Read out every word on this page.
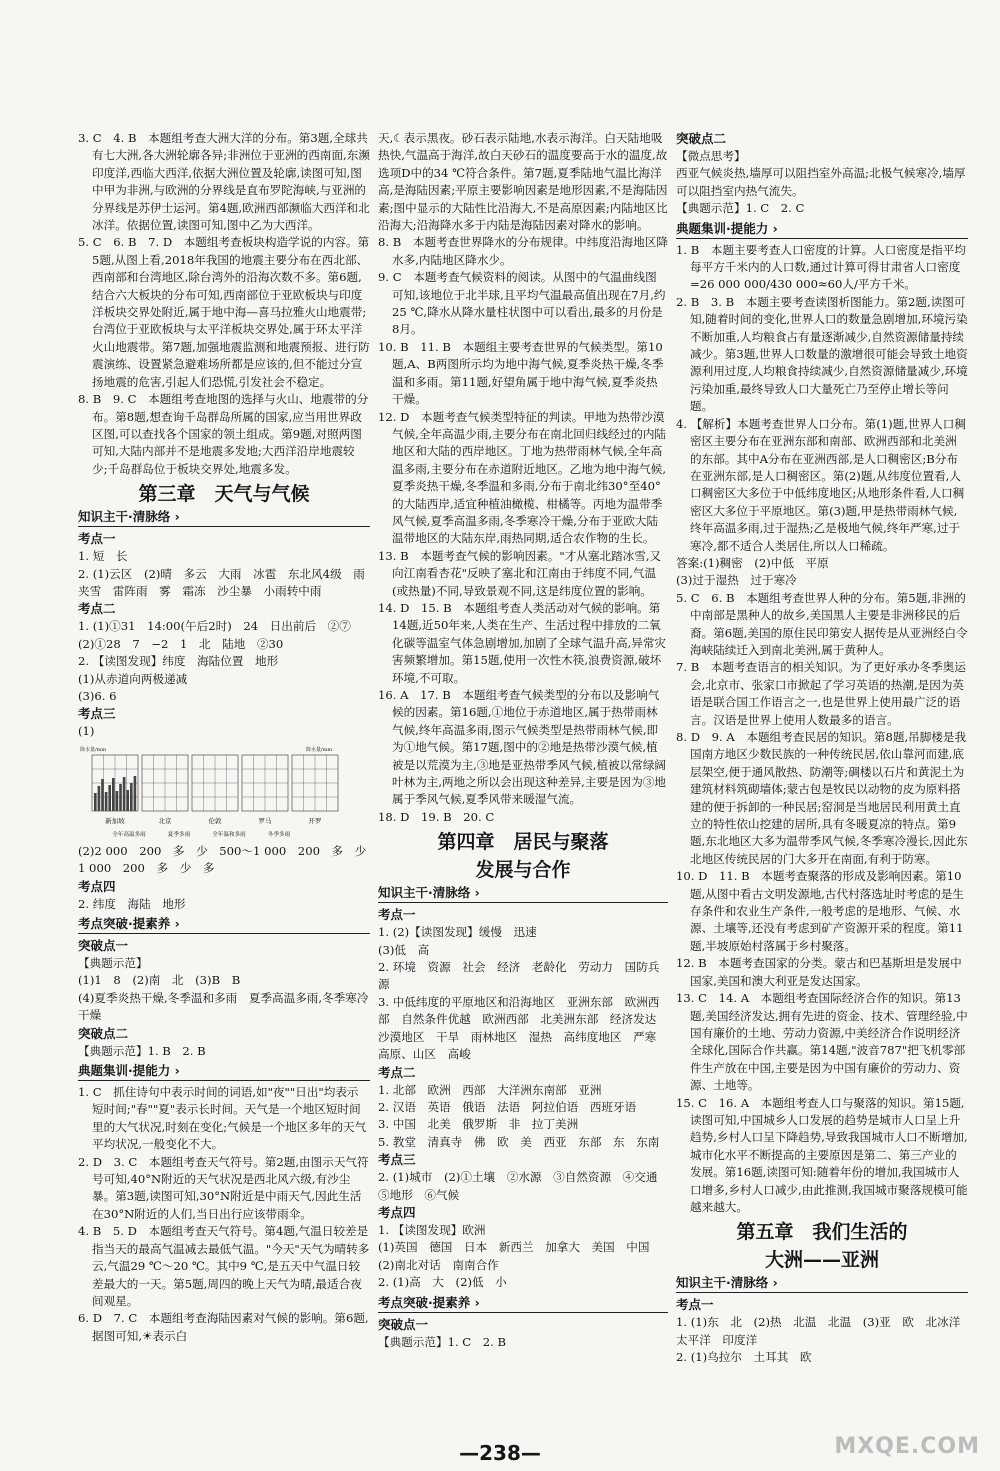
3. C　4. B　本题组考查大洲大洋的分布。第3题,全球共有七大洲,各大洲轮廓各异;非洲位于亚洲的西南面,东濒印度洋,西临大西洋,依据大洲位置及轮廓,读图可知,图中甲为非洲,与欧洲的分界线是直布罗陀海峡,与亚洲的分界线是苏伊士运河。第4题,欧洲西部濒临大西洋和北冰洋。依据位置,读图可知,图中乙为大西洋。

5. C　6. B　7. D　本题组考查板块构造学说的内容。第5题,从图上看,2018年我国的地震主要分布在西北部、西南部和台湾地区,除台湾外的沿海次数不多。第6题,结合六大板块的分布可知,西南部位于亚欧板块与印度洋板块交界处附近,属于地中海—喜马拉雅火山地震带;台湾位于亚欧板块与太平洋板块交界处,属于环太平洋火山地震带。第7题,加强地震监测和地震预报、进行防震演练、设置紧急避难场所都是应该的,但不能过分宣扬地震的危害,引起人们恐慌,引发社会不稳定。

8. B　9. C　本题组考查地图的选择与火山、地震带的分布。第8题,想查询千岛群岛所属的国家,应当用世界政区图,可以查找各个国家的领土组成。第9题,对照两图可知,大陆内部并不是地震多发地;大西洋沿岸地震较少;千岛群岛位于板块交界处,地震多发。

第三章　天气与气候
知识主干·清脉络 ›
考点一

1. 短　长

2. (1)云区　(2)晴　多云　大雨　冰雹　东北风4级　雨夹雪　雷阵雨　雾　霜冻　沙尘暴　小雨转中雨

考点二

1. (1)①31　14:00(午后2时)　24　日出前后　②⑦

(2)①28　7　−2　1　北　陆地　②30

2. 【读图发现】纬度　海陆位置　地形

(1)从赤道向两极递减

(3)6. 6

考点三

(1)

降水量/mm	降水量/mm
新加坡	北京	伦敦	罗马	开罗
全年高温多雨	夏季多雨	全年温和多雨	冬季多雨

(2)2 000　200　多　少　500～1 000　200　多　少

1 000　200　多　少　多

考点四

2. 纬度　海陆　地形

考点突破·提素养 ›
突破点一

【典题示范】

(1)1　8　(2)南　北　(3)B　B

(4)夏季炎热干燥,冬季温和多雨　夏季高温多雨,冬季寒冷干燥

突破点二

【典题示范】1. B　2. B

典题集训·提能力 ›

1. C　抓住诗句中表示时间的词语,如"夜""日出"均表示短时间;"春""夏"表示长时间。天气是一个地区短时间里的大气状况,时刻在变化;气候是一个地区多年的天气平均状况,一般变化不大。

2. D　3. C　本题组考查天气符号。第2题,由图示天气符号可知,40°N附近的天气状况是西北风六级,有沙尘暴。第3题,读图可知,30°N附近是中雨天气,因此生活在30°N附近的人们,当日出行应该带雨伞。

4. B　5. D　本题组考查天气符号。第4题,气温日较差是指当天的最高气温减去最低气温。"今天"天气为晴转多云,气温29 ℃～20 ℃。其中9 ℃,是五天中气温日较差最大的一天。第5题,周四的晚上天气为晴,最适合夜间观星。

6. D　7. C　本题组考查海陆因素对气候的影响。第6题,据图可知,☀表示白

天,☾表示黑夜。砂石表示陆地,水表示海洋。白天陆地吸热快,气温高于海洋,故白天砂石的温度要高于水的温度,故选项D中的34 ℃符合条件。第7题,夏季陆地气温比海洋高,是海陆因素;平原主要影响因素是地形因素,不是海陆因素;图中显示的大陆性比沿海大,不是高原因素;内陆地区比沿海大;沿海降水多于内陆是海陆因素对降水的影响。

8. B　本题考查世界降水的分布规律。中纬度沿海地区降水多,内陆地区降水少。

9. C　本题考查气候资料的阅读。从图中的气温曲线图可知,该地位于北半球,且平均气温最高值出现在7月,约25 ℃,降水从降水量柱状图中可以看出,最多的月份是8月。

10. B　11. B　本题组主要考查世界的气候类型。第10题,A、B两图所示均为地中海气候,夏季炎热干燥,冬季温和多雨。第11题,好望角属于地中海气候,夏季炎热干燥。

12. D　本题考查气候类型特征的判读。甲地为热带沙漠气候,全年高温少雨,主要分布在南北回归线经过的内陆地区和大陆的西岸地区。丁地为热带雨林气候,全年高温多雨,主要分布在赤道附近地区。乙地为地中海气候,夏季炎热干燥,冬季温和多雨,分布于南北纬30°至40°的大陆西岸,适宜种植油橄榄、柑橘等。丙地为温带季风气候,夏季高温多雨,冬季寒冷干燥,分布于亚欧大陆温带地区的大陆东岸,雨热同期,适合农作物的生长。

13. B　本题考查气候的影响因素。"才从塞北踏冰雪,又向江南看杏花"反映了塞北和江南由于纬度不同,气温(或热量)不同,导致景观不同,这是纬度位置的影响。

14. D　15. B　本题组考查人类活动对气候的影响。第14题,近50年来,人类在生产、生活过程中排放的二氧化碳等温室气体急剧增加,加剧了全球气温升高,异常灾害频繁增加。第15题,使用一次性木筷,浪费资源,破坏环境,不可取。

16. A　17. B　本题组考查气候类型的分布以及影响气候的因素。第16题,①地位于赤道地区,属于热带雨林气候,终年高温多雨,图示气候类型是热带雨林气候,即为①地气候。第17题,图中的②地是热带沙漠气候,植被是以荒漠为主,③地是亚热带季风气候,植被以常绿阔叶林为主,两地之所以会出现这种差异,主要是因为③地属于季风气候,夏季风带来暖湿气流。

18. D　19. B　20. C

第四章　居民与聚落
发展与合作
知识主干·清脉络 ›
考点一

1. (2)【读图发现】缓慢　迅速

(3)低　高

2. 环境　资源　社会　经济　老龄化　劳动力　国防兵源

3. 中低纬度的平原地区和沿海地区　亚洲东部　欧洲西部　自然条件优越　欧洲西部　北美洲东部　经济发达　沙漠地区　干旱　雨林地区　湿热　高纬度地区　严寒　高原、山区　高峻

考点二

1. 北部　欧洲　西部　大洋洲东南部　亚洲

2. 汉语　英语　俄语　法语　阿拉伯语　西班牙语

3. 中国　北美　俄罗斯　非　拉丁美洲

5. 教堂　清真寺　佛　欧　美　西亚　东部　东　东南

考点三

2. (1)城市　(2)①土壤　②水源　③自然资源　④交通　⑤地形　⑥气候

考点四

1. 【读图发现】欧洲

(1)英国　德国　日本　新西兰　加拿大　美国　中国

(2)南北对话　南南合作

2. (1)高　大　(2)低　小

考点突破·提素养 ›
突破点一

【典题示范】1. C　2. B

突破点二

【微点思考】

西亚气候炎热,墙厚可以阻挡室外高温;北极气候寒冷,墙厚可以阻挡室内热气流失。

【典题示范】1. C　2. C

典题集训·提能力 ›

1. B　本题主要考查人口密度的计算。人口密度是指平均每平方千米内的人口数,通过计算可得甘肃省人口密度=26 000 000/430 000≈60人/平方千米。

2. B　3. B　本题主要考查读图析图能力。第2题,读图可知,随着时间的变化,世界人口的数量急剧增加,环境污染不断加重,人均粮食占有量逐渐减少,自然资源储量持续减少。第3题,世界人口数量的激增很可能会导致土地资源利用过度,人均粮食持续减少,自然资源储量减少,环境污染加重,最终导致人口大量死亡乃至停止增长等问题。

4. 【解析】本题考查世界人口分布。第(1)题,世界人口稠密区主要分布在亚洲东部和南部、欧洲西部和北美洲的东部。其中A分布在亚洲西部,是人口稠密区;B分布在亚洲东部,是人口稠密区。第(2)题,从纬度位置看,人口稠密区大多位于中低纬度地区;从地形条件看,人口稠密区大多位于平原地区。第(3)题,甲是热带雨林气候,终年高温多雨,过于湿热;乙是极地气候,终年严寒,过于寒冷,都不适合人类居住,所以人口稀疏。

答案:(1)稠密　(2)中低　平原

(3)过于湿热　过于寒冷

5. C　6. B　本题组考查世界人种的分布。第5题,非洲的中南部是黑种人的故乡,美国黑人主要是非洲移民的后裔。第6题,美国的原住民印第安人据传是从亚洲经白令海峡陆续迁入到南北美洲,属于黄种人。

7. B　本题考查语言的相关知识。为了更好承办冬季奥运会,北京市、张家口市掀起了学习英语的热潮,是因为英语是联合国工作语言之一,也是世界上使用最广泛的语言。汉语是世界上使用人数最多的语言。

8. D　9. A　本题组考查民居的知识。第8题,吊脚楼是我国南方地区少数民族的一种传统民居,依山靠河而建,底层架空,便于通风散热、防潮等;碉楼以石片和黄泥土为建筑材料筑砌墙体;蒙古包是牧民以动物的皮为原料搭建的便于拆卸的一种民居;窑洞是当地居民利用黄土直立的特性依山挖建的居所,具有冬暖夏凉的特点。第9题,东北地区大多为温带季风气候,冬季寒冷漫长,因此东北地区传统民居的门大多开在南面,有利于防寒。

10. D　11. B　本题考查聚落的形成及影响因素。第10题,从图中看古文明发源地,古代村落选址时考虑的是生存条件和农业生产条件,一般考虑的是地形、气候、水源、土壤等,还没有考虑到矿产资源开采的程度。第11题,半坡原始村落属于乡村聚落。

12. B　本题考查国家的分类。蒙古和巴基斯坦是发展中国家,美国和澳大利亚是发达国家。

13. C　14. A　本题组考查国际经济合作的知识。第13题,美国经济发达,拥有先进的资金、技术、管理经验,中国有廉价的土地、劳动力资源,中美经济合作说明经济全球化,国际合作共赢。第14题,"波音787"把飞机零部件生产放在中国,主要是因为中国有廉价的劳动力、资源、土地等。

15. C　16. A　本题组考查人口与聚落的知识。第15题,读图可知,中国城乡人口发展的趋势是城市人口呈上升趋势,乡村人口呈下降趋势,导致我国城市人口不断增加,城市化水平不断提高的主要原因是第二、第三产业的发展。第16题,读图可知:随着年份的增加,我国城市人口增多,乡村人口减少,由此推测,我国城市聚落规模可能越来越大。

第五章　我们生活的
大洲——亚洲
知识主干·清脉络 ›
考点一

1. (1)东　北　(2)热　北温　北温　(3)亚　欧　北冰洋　太平洋　印度洋

2. (1)乌拉尔　土耳其　欧

—238—	MXQE.COM
